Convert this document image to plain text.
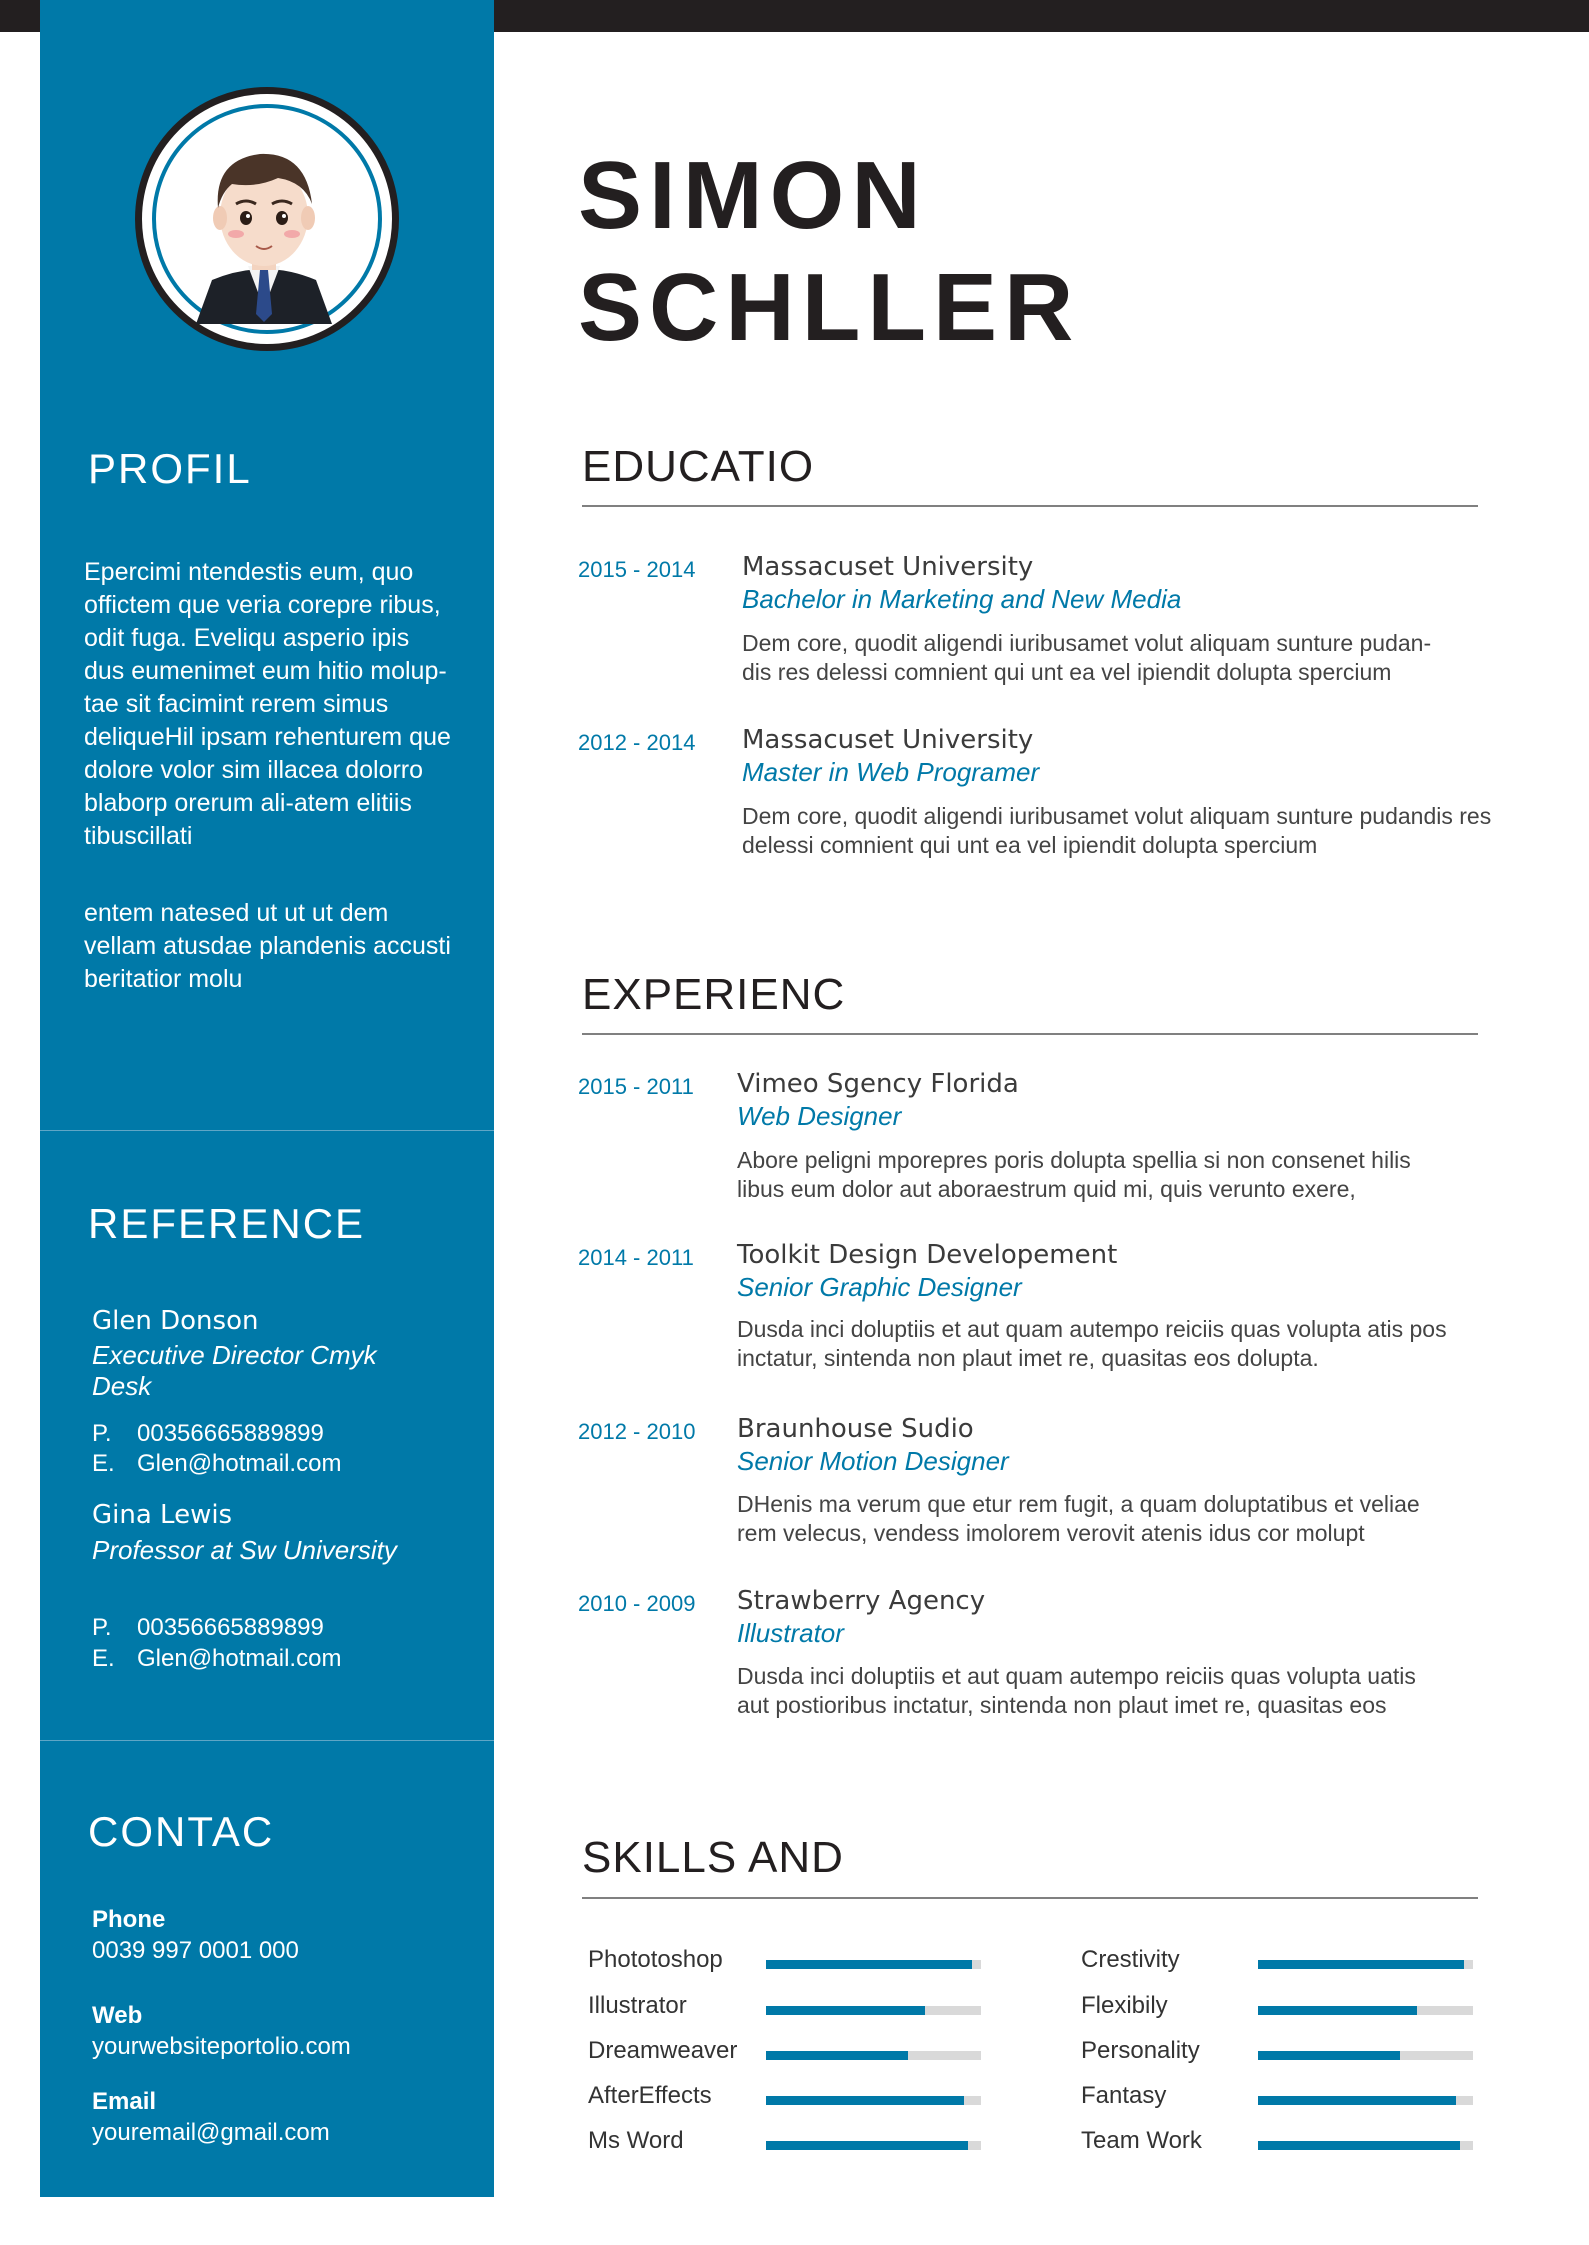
PROFIL

Epercimi ntendestis eum, quo offictem que veria corepre ribus, odit fuga. Eveliqu asperio ipis dus eumenimet eum hitio molup-tae sit facimint rerem simus deliqueHil ipsam rehenturem que dolore volor sim illacea dolorro blaborp orerum ali-atem elitiis tibuscillati

entem natesed ut ut ut dem vellam atusdae plandenis accusti beritatior molu

REFERENCE
Glen Donson
Executive Director Cmyk Desk
P. 00356665889899
E. Glen@hotmail.com
Gina Lewis
Professor at Sw University
P. 00356665889899
E. Glen@hotmail.com
CONTAC
Phone
0039 997 0001 000
Web
yourwebsiteportolio.com
Email
youremail@gmail.com
SIMON
SCHLLER
EDUCATIO
2015 - 2014 Massacuset University
Bachelor in Marketing and New Media
Dem core, quodit aligendi iuribusamet volut aliquam sunture pudan-
dis res delessi comnient qui unt ea vel ipiendit dolupta spercium
2012 - 2014 Massacuset University
Master in Web Programer
Dem core, quodit aligendi iuribusamet volut aliquam sunture pudandis res
delessi comnient qui unt ea vel ipiendit dolupta spercium
EXPERIENC
2015 - 2011 Vimeo Sgency Florida
Web Designer
Abore peligni mporepres poris dolupta spellia si non consenet hilis
libus eum dolor aut aboraestrum quid mi, quis verunto exere,
2014 - 2011 Toolkit Design Developement
Senior Graphic Designer
Dusda inci doluptiis et aut quam autempo reiciis quas volupta atis pos
inctatur, sintenda non plaut imet re, quasitas eos dolupta.
2012 - 2010 Braunhouse Sudio
Senior Motion Designer
DHenis ma verum que etur rem fugit, a quam doluptatibus et veliae
rem velecus, vendess imolorem verovit atenis idus cor molupt
2010 - 2009 Strawberry Agency
Illustrator
Dusda inci doluptiis et aut quam autempo reiciis quas volupta uatis
aut postioribus inctatur, sintenda non plaut imet re, quasitas eos
SKILLS AND
Phototoshop
Illustrator
Dreamweaver
AfterEffects
Ms Word
Crestivity
Flexibily
Personality
Fantasy
Team Work
